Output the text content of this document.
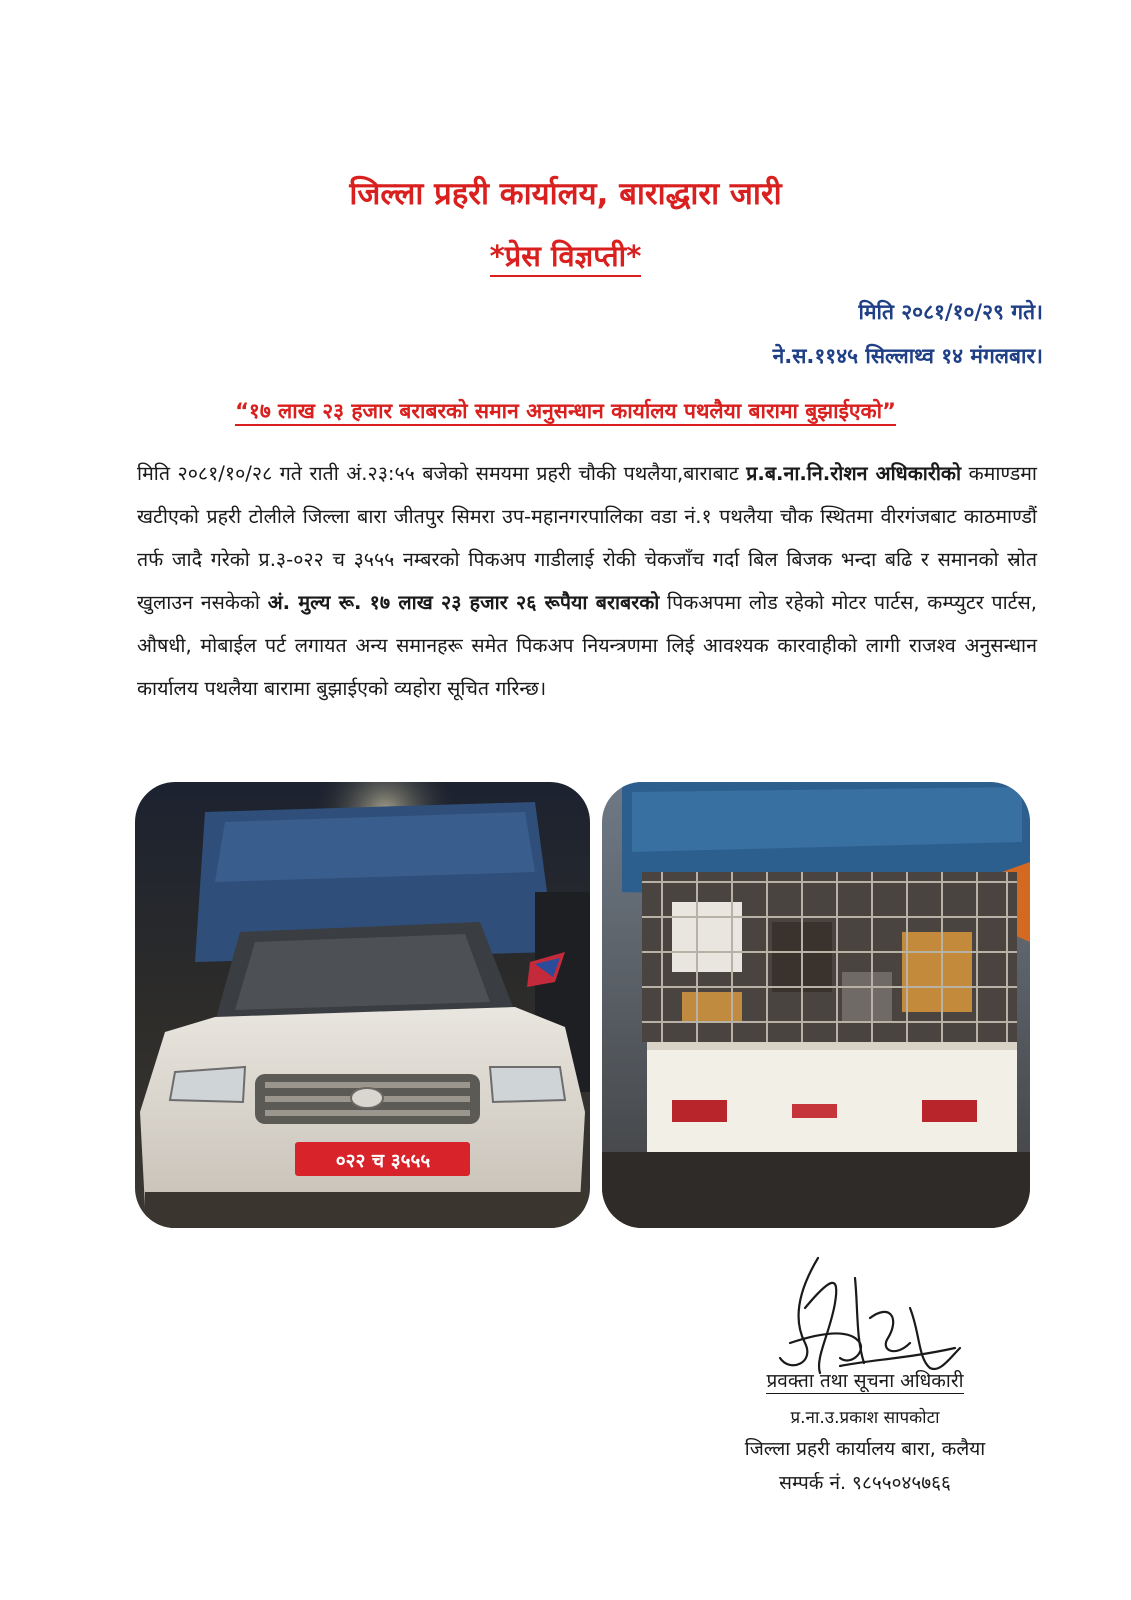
जिल्ला प्रहरी कार्यालय, बाराद्धारा जारी
*प्रेस विज्ञप्ती*
मिति २०८१/१०/२९ गते।
ने.स.११४५ सिल्लाथ्व १४ मंगलबार।
“१७ लाख २३ हजार बराबरको समान अनुसन्धान कार्यालय पथलैया बारामा बुझाईएको”
मिति २०८१/१०/२८ गते राती अं.२३:५५ बजेको समयमा प्रहरी चौकी पथलैया,बाराबाट प्र.ब.ना.नि.रोशन अधिकारीको कमाण्डमा खटीएको प्रहरी टोलीले जिल्ला बारा जीतपुर सिमरा उप-महानगरपालिका वडा नं.१ पथलैया चौक स्थितमा वीरगंजबाट काठमाण्डौं तर्फ जादै गरेको प्र.३-०२२ च ३५५५ नम्बरको पिकअप गाडीलाई रोकी चेकजाँच गर्दा बिल बिजक भन्दा बढि र समानको स्रोत खुलाउन नसकेको अं. मुल्य रू. १७ लाख २३ हजार २६ रूपैया बराबरको पिकअपमा लोड रहेको मोटर पार्टस, कम्प्युटर पार्टस, औषधी, मोबाईल पर्ट लगायत अन्य समानहरू समेत पिकअप नियन्त्रणमा लिई आवश्यक कारवाहीको लागी राजश्व अनुसन्धान कार्यालय पथलैया बारामा बुझाईएको व्यहोरा सूचित गरिन्छ।
०२२ च ३५५५
प्रवक्ता तथा सूचना अधिकारी
प्र.ना.उ.प्रकाश सापकोटा
जिल्ला प्रहरी कार्यालय बारा, कलैया
सम्पर्क नं. ९८५५०४५७६६
